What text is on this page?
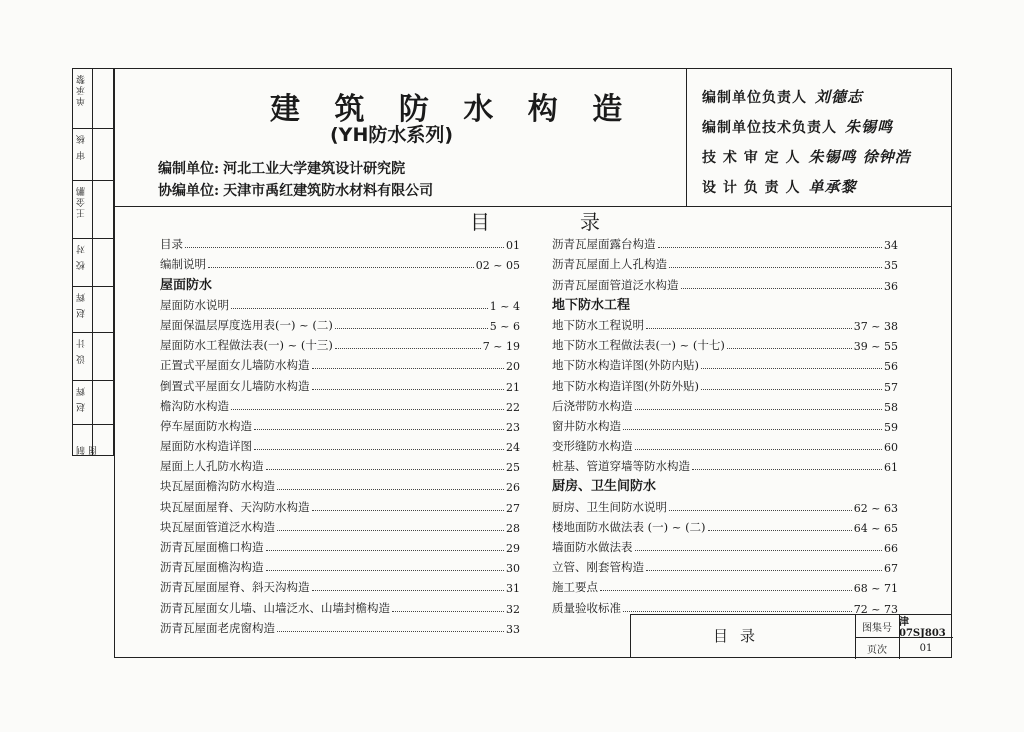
单承黎
审 核
王金鹏
校 对
赵 辉
设 计
赵 辉
制 图
建 筑 防 水 构 造
(YH防水系列)
编制单位: 河北工业大学建筑设计研究院
协编单位: 天津市禹红建筑防水材料有限公司
编制单位负责人 刘德志
编制单位技术负责人 朱锡鸣
技 术 审 定 人 朱锡鸣 徐钟浩
设 计 负 责 人 单承黎
目录
目录	01
编制说明	02 ~ 05
屋面防水
屋面防水说明	1 ~ 4
屋面保温层厚度选用表(一) ~ (二)	5 ~ 6
屋面防水工程做法表(一) ~ (十三)	7 ~ 19
正置式平屋面女儿墙防水构造	20
倒置式平屋面女儿墙防水构造	21
檐沟防水构造	22
停车屋面防水构造	23
屋面防水构造详图	24
屋面上人孔防水构造	25
块瓦屋面檐沟防水构造	26
块瓦屋面屋脊、天沟防水构造	27
块瓦屋面管道泛水构造	28
沥青瓦屋面檐口构造	29
沥青瓦屋面檐沟构造	30
沥青瓦屋面屋脊、斜天沟构造	31
沥青瓦屋面女儿墙、山墙泛水、山墙封檐构造	32
沥青瓦屋面老虎窗构造	33
沥青瓦屋面露台构造	34
沥青瓦屋面上人孔构造	35
沥青瓦屋面管道泛水构造	36
地下防水工程
地下防水工程说明	37 ~ 38
地下防水工程做法表(一) ~ (十七)	39 ~ 55
地下防水构造详图(外防内贴)	56
地下防水构造详图(外防外贴)	57
后浇带防水构造	58
窗井防水构造	59
变形缝防水构造	60
桩基、管道穿墙等防水构造	61
厨房、卫生间防水
厨房、卫生间防水说明	62 ~ 63
楼地面防水做法表 (一) ~ (二)	64 ~ 65
墙面防水做法表	66
立管、刚套管构造	67
施工要点	68 ~ 71
质量验收标准	72 ~ 73
目录	图集号 津07SJ803
页次	01
